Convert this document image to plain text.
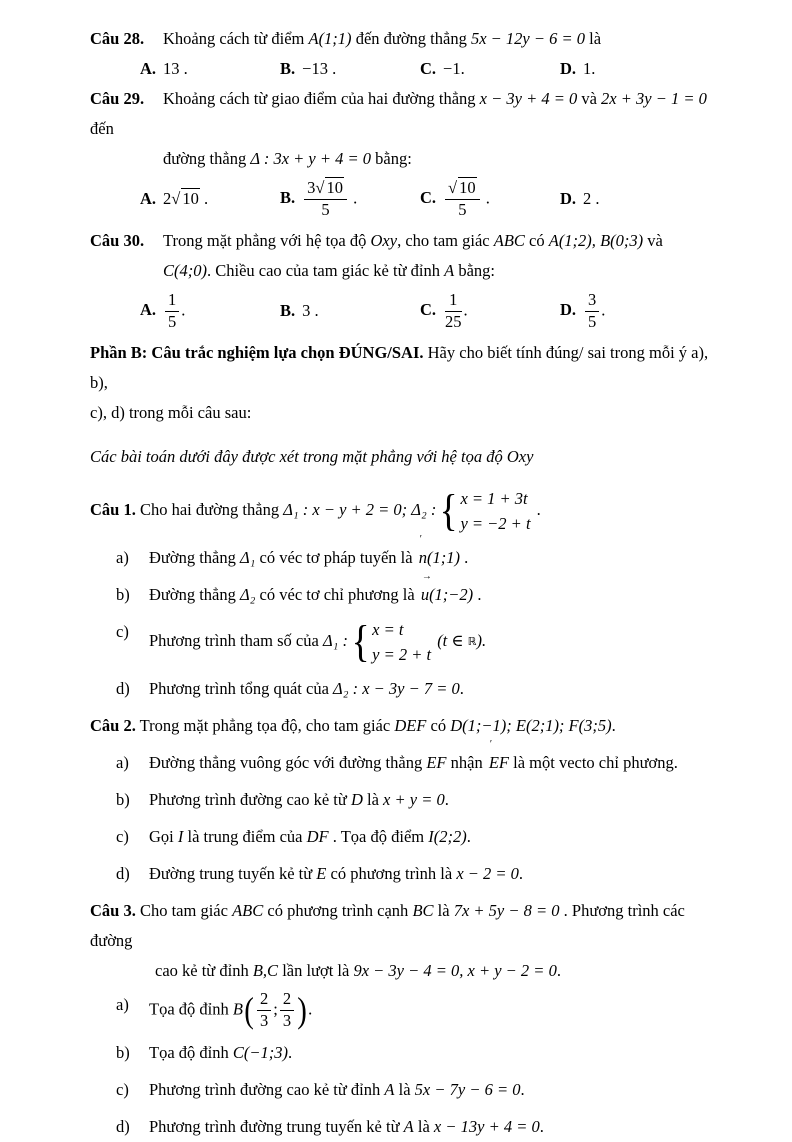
Câu 28. Khoảng cách từ điểm A(1;1) đến đường thẳng 5x − 12y − 6 = 0 là
A. 13 .	B. −13 .	C. −1.	D. 1.
Câu 29. Khoảng cách từ giao điểm của hai đường thẳng x − 3y + 4 = 0 và 2x + 3y − 1 = 0 đến
đường thẳng Δ : 3x + y + 4 = 0 bằng:
A. 2√ 10 .	B. $\frac{3√ 10}{5}$ .	C. $\frac{√ 10}{5}$ .	D. 2 .
Câu 30. Trong mặt phẳng với hệ tọa độ Oxy, cho tam giác ABC có A(1;2), B(0;3) và
C(4;0). Chiều cao của tam giác kẻ từ đỉnh A bằng:
A. $\frac{1}{5}$ .	B. 3 .	C. $\frac{1}{25}$ .	D. $\frac{3}{5}$ .
Phần B: Câu trắc nghiệm lựa chọn ĐÚNG/SAI. Hãy cho biết tính đúng/ sai trong mỗi ý a), b),
c), d) trong mỗi câu sau:
Các bài toán dưới đây được xét trong mặt phẳng với hệ tọa độ Oxy
Câu 1. Cho hai đường thẳng Δ₁ : x − y + 2 = 0; Δ₂ : { x = 1 + 3t
y = −2 + t
.
a)	Đường thẳng Δ₁ có véc tơ pháp tuyến là
ʹ
n(1;1) .
b)	Đường thẳng Δ₂ có véc tơ chỉ phương là
→
u(1;−2) .
c)	Phương trình tham số của Δ₁ : { x = t
y = 2 + t
(t ∈ ℝ).
d)	Phương trình tổng quát của Δ₂ : x − 3y − 7 = 0.
Câu 2. Trong mặt phẳng tọa độ, cho tam giác DEF có D(1;−1); E(2;1); F(3;5).
a)	Đường thẳng vuông góc với đường thẳng EF nhận
ʹ
EF là một vecto chỉ phương.
b)	Phương trình đường cao kẻ từ D là x + y = 0.
c)	Gọi I là trung điểm của DF . Tọa độ điểm I(2;2).
d)	Đường trung tuyến kẻ từ E có phương trình là x − 2 = 0.
Câu 3. Cho tam giác ABC có phương trình cạnh BC là 7x + 5y − 8 = 0 . Phương trình các đường
cao kẻ từ đỉnh B,C lần lượt là 9x − 3y − 4 = 0, x + y − 2 = 0.
a)	Tọa độ đỉnh $B( \frac{2}{3}$ ; $\frac{2}{3}$ ).
b)	Tọa độ đỉnh C(−1;3).
c)	Phương trình đường cao kẻ từ đỉnh A là 5x − 7y − 6 = 0.
d)	Phương trình đường trung tuyến kẻ từ A là x − 13y + 4 = 0.
